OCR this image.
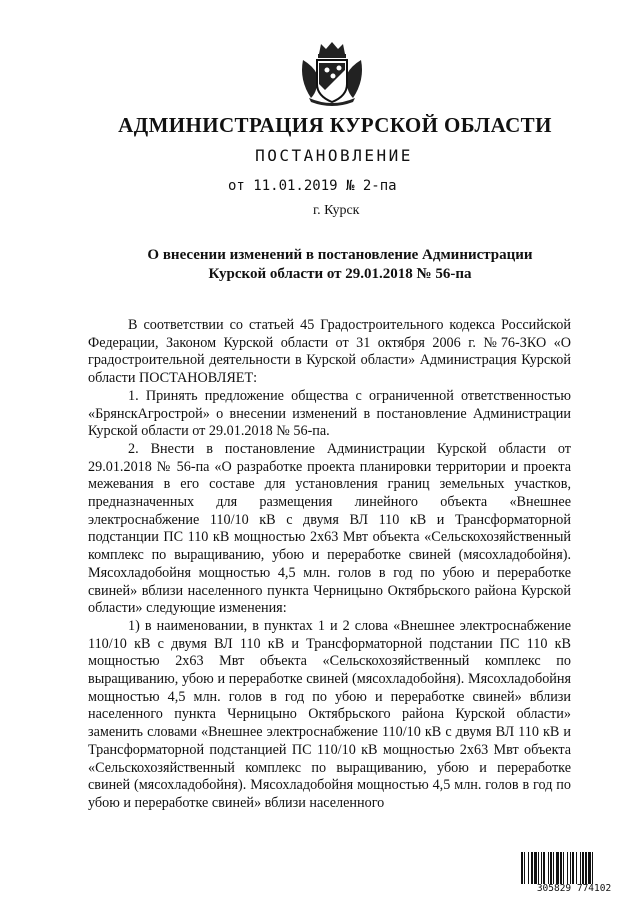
АДМИНИСТРАЦИЯ КУРСКОЙ ОБЛАСТИ
ПОСТАНОВЛЕНИЕ
от 11.01.2019 № 2-па
г. Курск
О внесении изменений в постановление Администрации Курской области от 29.01.2018 № 56-па

В соответствии со статьей 45 Градостроительного кодекса Российской Федерации, Законом Курской области от 31 октября 2006 г. №76-ЗКО «О градостроительной деятельности в Курской области» Администрация Курской области ПОСТАНОВЛЯЕТ:

1. Принять предложение общества с ограниченной ответственностью «БрянскАгрострой» о внесении изменений в постановление Администрации Курской области от 29.01.2018 № 56-па.

2. Внести в постановление Администрации Курской области от 29.01.2018 № 56-па «О разработке проекта планировки территории и проекта межевания в его составе для установления границ земельных участков, предназначенных для размещения линейного объекта «Внешнее электроснабжение 110/10 кВ с двумя ВЛ 110 кВ и Трансформаторной подстанции ПС 110 кВ мощностью 2х63 Мвт объекта «Сельскохозяйственный комплекс по выращиванию, убою и переработке свиней (мясохладобойня). Мясохладобойня мощностью 4,5 млн. голов в год по убою и переработке свиней» вблизи населенного пункта Черницыно Октябрьского района Курской области» следующие изменения:

1) в наименовании, в пунктах 1 и 2 слова «Внешнее электроснабжение 110/10 кВ с двумя ВЛ 110 кВ и Трансформаторной подстании ПС 110 кВ мощностью 2х63 Мвт объекта «Сельскохозяйственный комплекс по выращиванию, убою и переработке свиней (мясохладобойня). Мясохладобойня мощностью 4,5 млн. голов в год по убою и переработке свиней» вблизи населенного пункта Черницыно Октябрьского района Курской области» заменить словами «Внешнее электроснабжение 110/10 кВ с двумя ВЛ 110 кВ и Трансформаторной подстанцией ПС 110/10 кВ мощностью 2х63 Мвт объекта «Сельскохозяйственный комплекс по выращиванию, убою и переработке свиней (мясохладобойня). Мясохладобойня мощностью 4,5 млн. голов в год по убою и переработке свиней» вблизи населенного

305829 774102
